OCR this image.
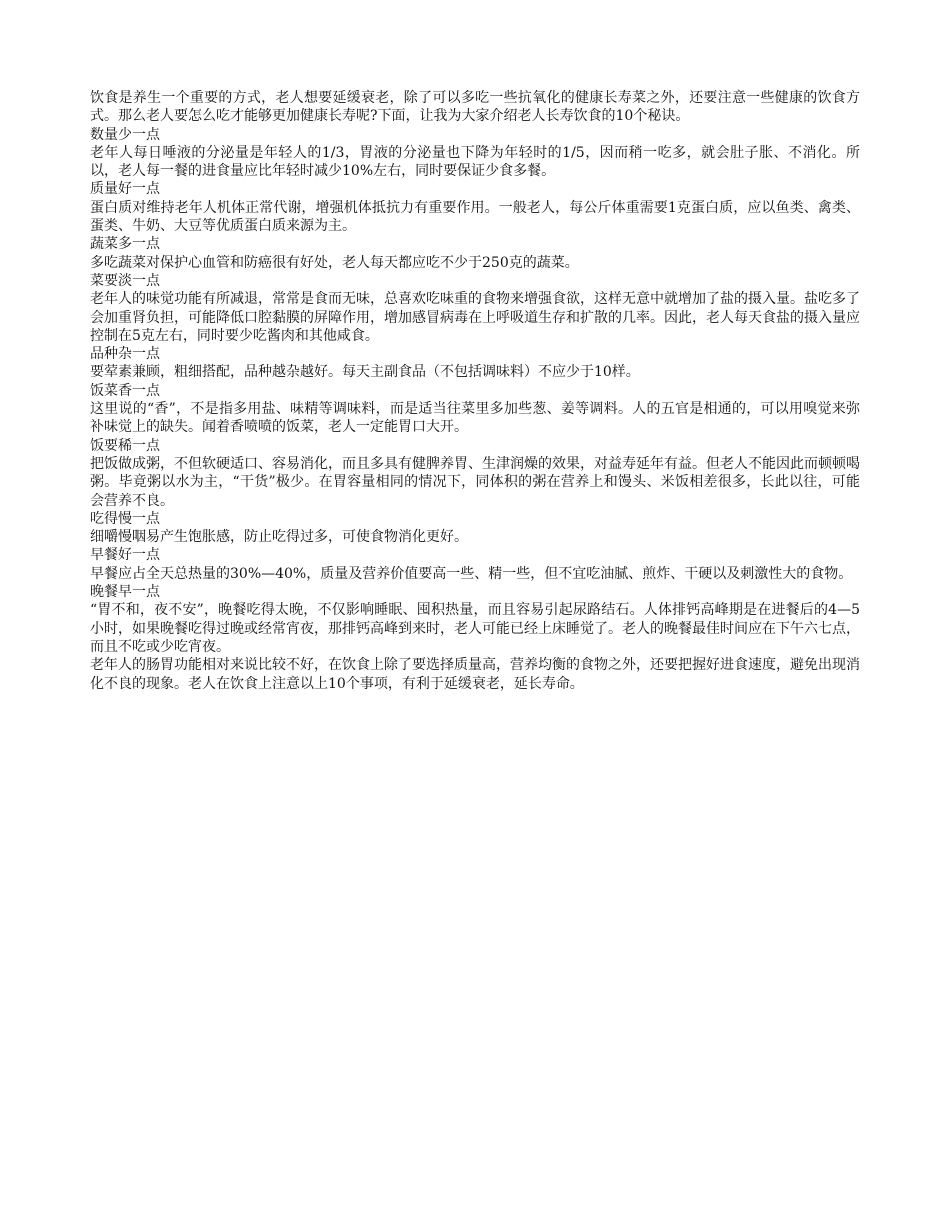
饮食是养生一个重要的方式，老人想要延缓衰老，除了可以多吃一些抗氧化的健康长寿菜之外，还要注意一些健康的饮食方式。那么老人要怎么吃才能够更加健康长寿呢?下面，让我为大家介绍老人长寿饮食的10个秘诀。

数量少一点

老年人每日唾液的分泌量是年轻人的1/3，胃液的分泌量也下降为年轻时的1/5，因而稍一吃多，就会肚子胀、不消化。所以，老人每一餐的进食量应比年轻时减少10%左右，同时要保证少食多餐。

质量好一点

蛋白质对维持老年人机体正常代谢，增强机体抵抗力有重要作用。一般老人，每公斤体重需要1克蛋白质，应以鱼类、禽类、蛋类、牛奶、大豆等优质蛋白质来源为主。

蔬菜多一点

多吃蔬菜对保护心血管和防癌很有好处，老人每天都应吃不少于250克的蔬菜。

菜要淡一点

老年人的味觉功能有所减退，常常是食而无味，总喜欢吃味重的食物来增强食欲，这样无意中就增加了盐的摄入量。盐吃多了会加重肾负担，可能降低口腔黏膜的屏障作用，增加感冒病毒在上呼吸道生存和扩散的几率。因此，老人每天食盐的摄入量应控制在5克左右，同时要少吃酱肉和其他咸食。

品种杂一点

要荤素兼顾，粗细搭配，品种越杂越好。每天主副食品（不包括调味料）不应少于10样。

饭菜香一点

这里说的“香”，不是指多用盐、味精等调味料，而是适当往菜里多加些葱、姜等调料。人的五官是相通的，可以用嗅觉来弥补味觉上的缺失。闻着香喷喷的饭菜，老人一定能胃口大开。

饭要稀一点

把饭做成粥，不但软硬适口、容易消化，而且多具有健脾养胃、生津润燥的效果，对益寿延年有益。但老人不能因此而顿顿喝粥。毕竟粥以水为主，“干货”极少。在胃容量相同的情况下，同体积的粥在营养上和馒头、米饭相差很多，长此以往，可能会营养不良。

吃得慢一点

细嚼慢咽易产生饱胀感，防止吃得过多，可使食物消化更好。

早餐好一点

早餐应占全天总热量的30%—40%，质量及营养价值要高一些、精一些，但不宜吃油腻、煎炸、干硬以及刺激性大的食物。

晚餐早一点

“胃不和，夜不安”，晚餐吃得太晚，不仅影响睡眠、囤积热量，而且容易引起尿路结石。人体排钙高峰期是在进餐后的4—5小时，如果晚餐吃得过晚或经常宵夜，那排钙高峰到来时，老人可能已经上床睡觉了。老人的晚餐最佳时间应在下午六七点，而且不吃或少吃宵夜。

老年人的肠胃功能相对来说比较不好，在饮食上除了要选择质量高，营养均衡的食物之外，还要把握好进食速度，避免出现消化不良的现象。老人在饮食上注意以上10个事项，有利于延缓衰老，延长寿命。
